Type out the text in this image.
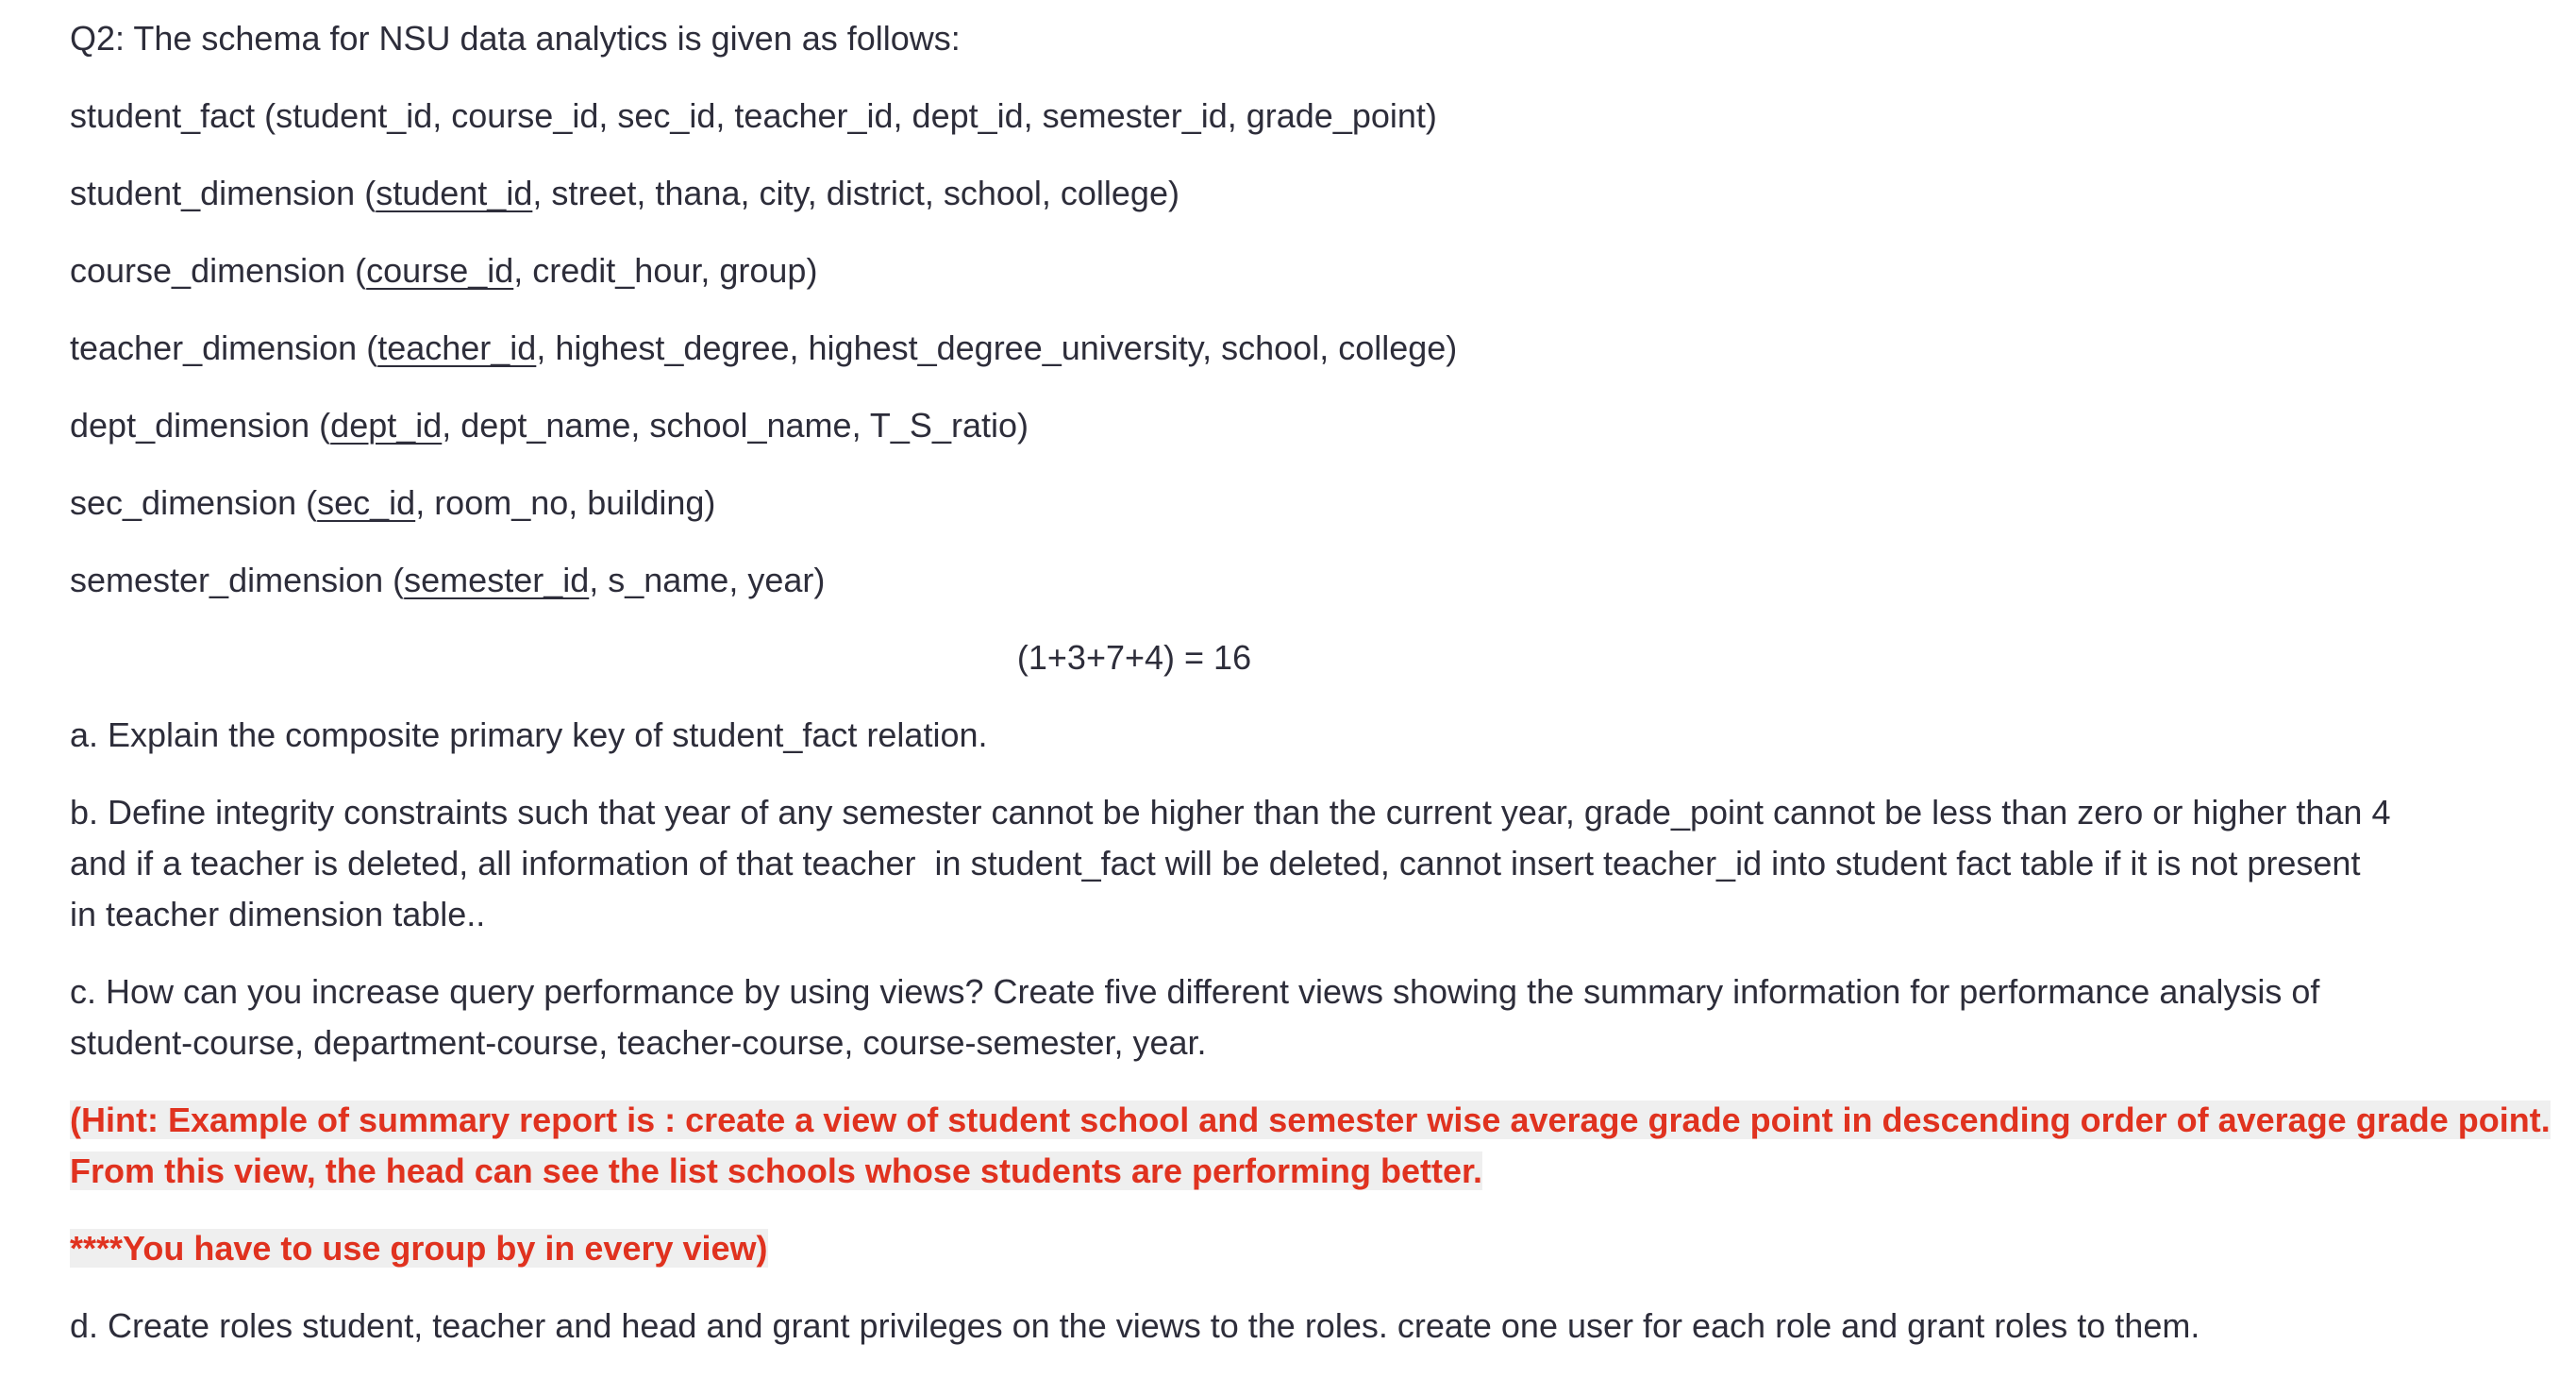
Q2: The schema for NSU data analytics is given as follows:
student_fact (student_id, course_id, sec_id, teacher_id, dept_id, semester_id, grade_point)
student_dimension (student_id, street, thana, city, district, school, college)
course_dimension (course_id, credit_hour, group)
teacher_dimension (teacher_id, highest_degree, highest_degree_university, school, college)
dept_dimension (dept_id, dept_name, school_name, T_S_ratio)
sec_dimension (sec_id, room_no, building)
semester_dimension (semester_id, s_name, year)
(1+3+7+4) = 16
a. Explain the composite primary key of student_fact relation.
b. Define integrity constraints such that year of any semester cannot be higher than the current year, grade_point cannot be less than zero or higher than 4
and if a teacher is deleted, all information of that teacher  in student_fact will be deleted, cannot insert teacher_id into student fact table if it is not present
in teacher dimension table..
c. How can you increase query performance by using views? Create five different views showing the summary information for performance analysis of
student-course, department-course, teacher-course, course-semester, year.
(Hint: Example of summary report is : create a view of student school and semester wise average grade point in descending order of average grade point.
From this view, the head can see the list schools whose students are performing better.
****You have to use group by in every view)
d. Create roles student, teacher and head and grant privileges on the views to the roles. create one user for each role and grant roles to them.
